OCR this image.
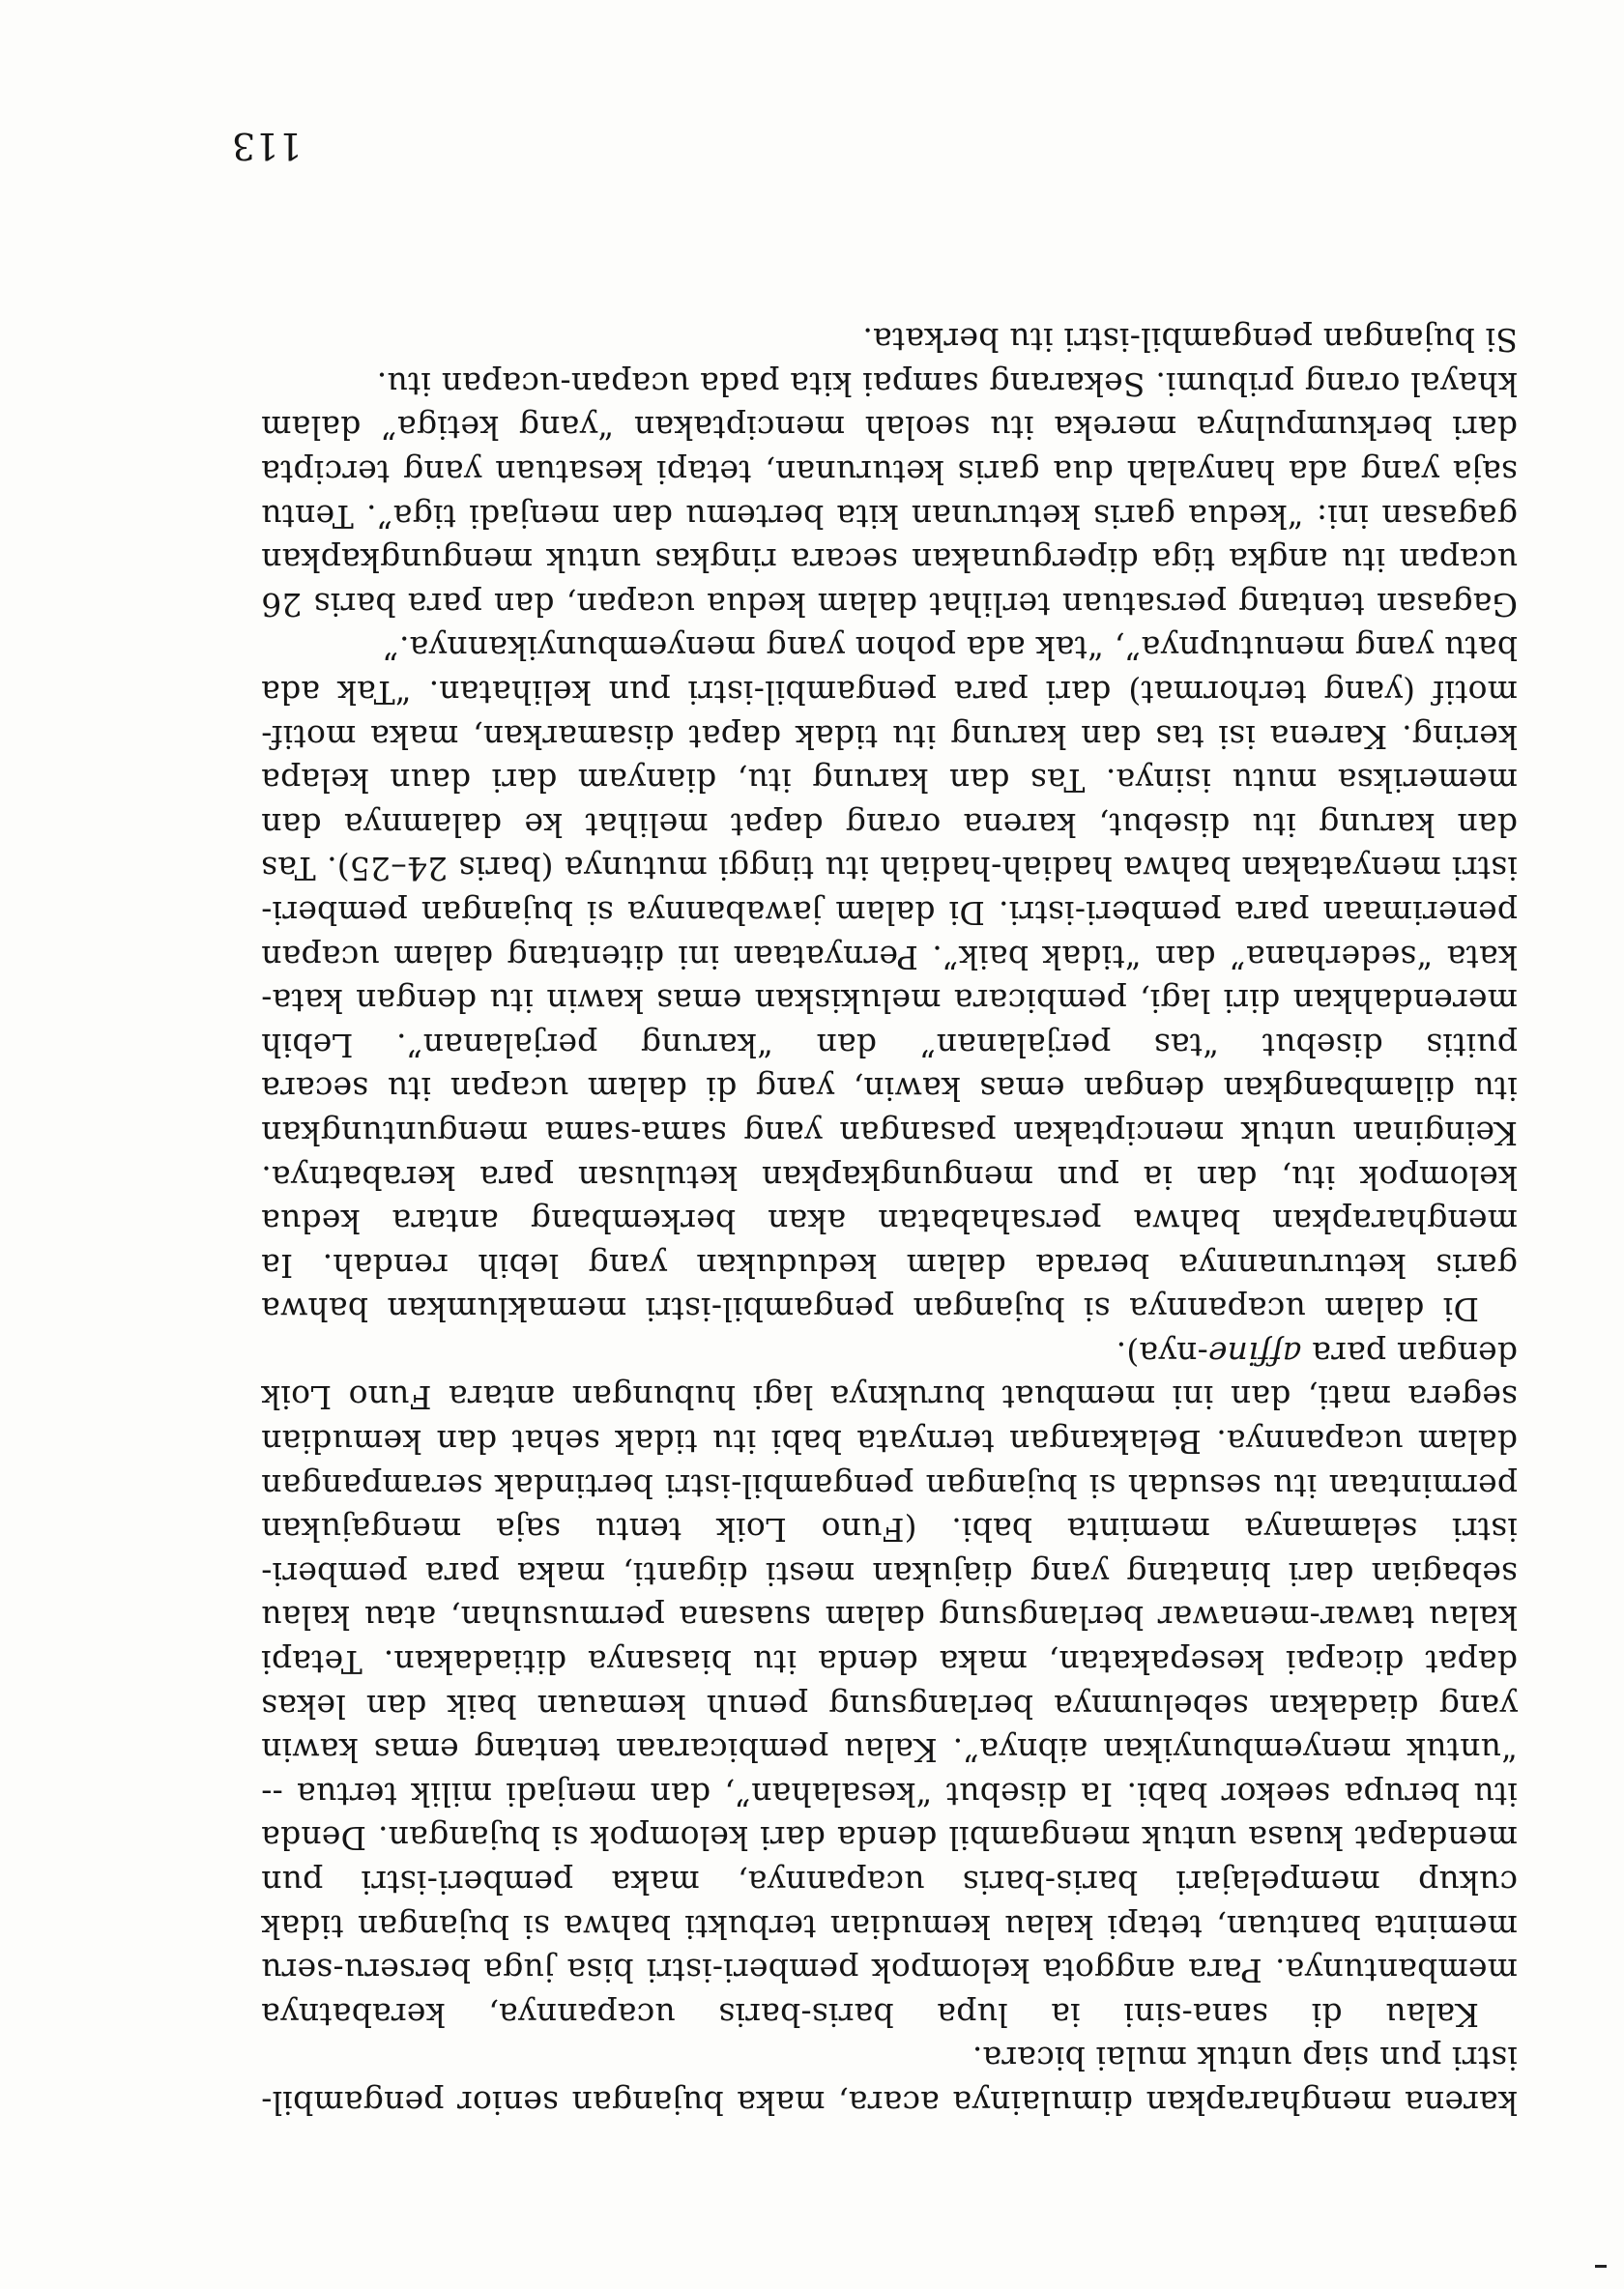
karena mengharapkan dimulainya acara, maka bujangan senior pengambil-istri pun siap untuk mulai bicara.

Kalau di sana-sini ia lupa baris-baris ucapannya, kerabatnya membantunya. Para anggota kelompok pemberi-istri bisa juga berseru-seru meminta bantuan, tetapi kalau kemudian terbukti bahwa si bujangan tidak cukup mempelajari baris-baris ucapannya, maka pemberi-istri pun mendapat kuasa untuk mengambil denda dari kelompok si bujangan. Denda itu berupa seekor babi. Ia disebut “kesalahan”, dan menjadi milik tertua -- “untuk menyembunyikan aibnya”. Kalau pembicaraan tentang emas kawin yang diadakan sebelumnya berlangsung penuh kemauan baik dan lekas dapat dicapai kesepakatan, maka denda itu biasanya ditiadakan. Tetapi kalau tawar-menawar berlangsung dalam suasana permusuhan, atau kalau sebagian dari binatang yang diajukan mesti diganti, maka para pemberi-istri selamanya meminta babi. (Funo Loik tentu saja mengajukan permintaan itu sesudah si bujangan pengambil-istri bertindak serampangan dalam ucapannya. Belakangan ternyata babi itu tidak sehat dan kemudian segera mati, dan ini membuat buruknya lagi hubungan antara Funo Loik dengan para affine-nya).

Di dalam ucapannya si bujangan pengambil-istri memaklumkan bahwa garis keturunannya berada dalam kedudukan yang lebih rendah. Ia mengharapkan bahwa persahabatan akan berkembang antara kedua kelompok itu, dan ia pun mengungkapkan ketulusan para kerabatnya. Keinginan untuk menciptakan pasangan yang sama-sama menguntungkan itu dilambangkan dengan emas kawin, yang di dalam ucapan itu secara puitis disebut “tas perjalanan” dan “karung perjalanan”. Lebih merendahkan diri lagi, pembicara melukiskan emas kawin itu dengan kata-kata “sederhana” dan “tidak baik”. Pernyataan ini ditentang dalam ucapan penerimaan para pemberi-istri. Di dalam jawabannya si bujangan pemberi-istri menyatakan bahwa hadiah-hadiah itu tinggi mutunya (baris 24–25). Tas dan karung itu disebut, karena orang dapat melihat ke dalamnya dan memeriksa mutu isinya. Tas dan karung itu, dianyam dari daun kelapa kering. Karena isi tas dan karung itu tidak dapat disamarkan, maka motif-motif (yang terhormat) dari para pengambil-istri pun kelihatan. “Tak ada batu yang menutupnya”, “tak ada pohon yang menyembunyikannya.”

Gagasan tentang persatuan terlihat dalam kedua ucapan, dan para baris 26 ucapan itu angka tiga dipergunakan secara ringkas untuk mengungkapkan gagasan ini: “kedua garis keturunan kita bertemu dan menjadi tiga”. Tentu saja yang ada hanyalah dua garis keturunan, tetapi kesatuan yang tercipta dari berkumpulnya mereka itu seolah menciptakan “yang ketiga” dalam khayal orang pribumi. Sekarang sampai kita pada ucapan-ucapan itu.

Si bujangan pengambil-istri itu berkata.

113
